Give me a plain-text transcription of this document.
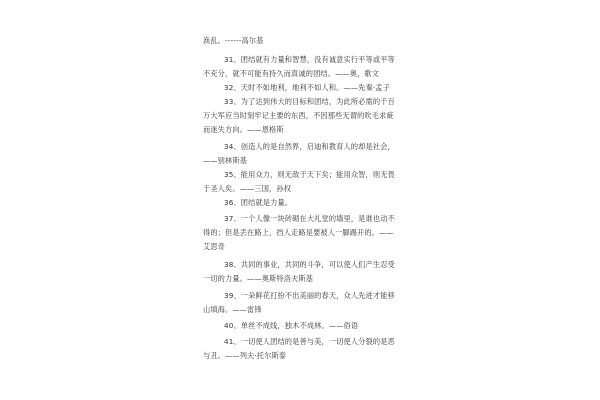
涣乱。------高尔基
31、团结就有力量和智慧，没有诚意实行平等或平等
不充分，就不可能有持久而真诚的团结。——奥，歌文
32、天时不如地利，地利不如人和。——先秦·孟子
33、为了达到伟大的目标和团结，为此所必需的千百
万大军应当时刻牢记主要的东西，不因那些无谓的吹毛求疵
而迷失方向。——恩格斯
34、创造人的是自然界，启迪和教育人的却是社会，
——别林斯基
35、能用众力，则无敌于天下矣；能用众智，则无畏
于圣人矣。——三国，孙权
36、团结就是力量。
37、一个人像一块砖砌在大礼堂的墙里，是谁也动不
得的；但是丢在路上，挡人走路是要被人一脚踢开的。——
艾思奇
38、共同的事业，共同的斗争，可以使人们产生忍受
一切的力量。——奥斯特洛夫斯基
39、一朵鲜花打扮不出美丽的春天，众人先进才能移
山填海。——雷锋
40、单丝不成线，独木不成林。——俗语
41、一切使人团结的是善与美，一切使人分裂的是恶
与丑。——列夫·托尔斯泰
